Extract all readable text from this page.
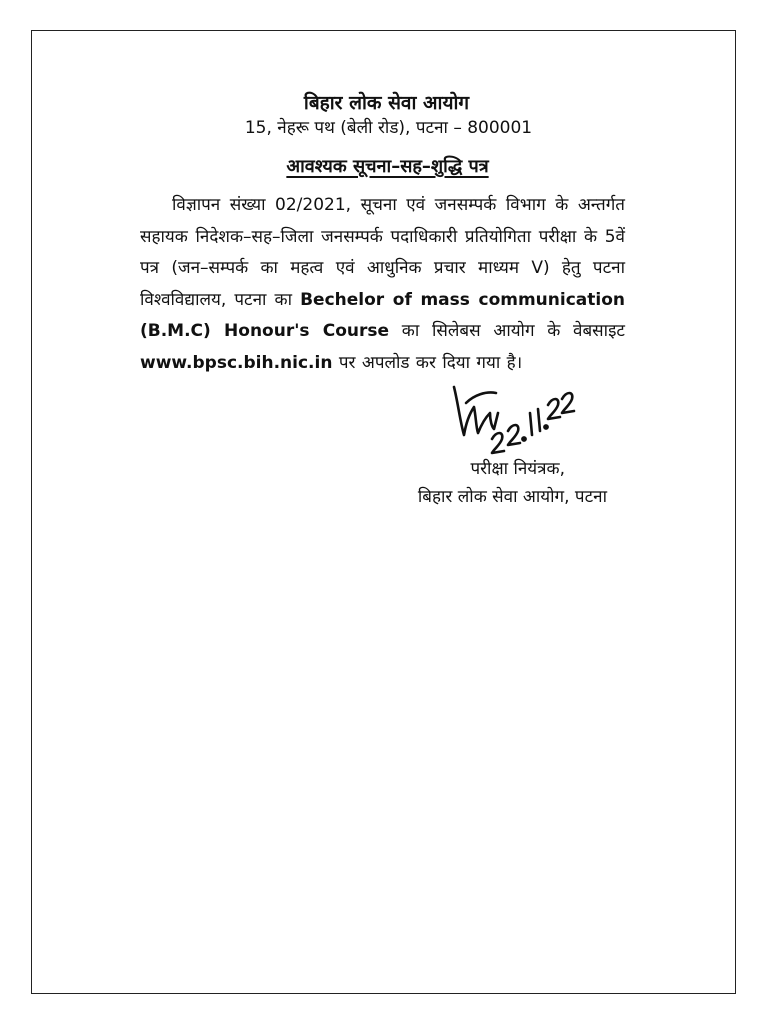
बिहार लोक सेवा आयोग

15, नेहरू पथ (बेली रोड), पटना – 800001

आवश्यक सूचना–सह–शुद्धि पत्र

विज्ञापन संख्या 02/2021, सूचना एवं जनसम्पर्क विभाग के अन्तर्गत सहायक निदेशक–सह–जिला जनसम्पर्क पदाधिकारी प्रतियोगिता परीक्षा के 5वें पत्र (जन–सम्पर्क का महत्व एवं आधुनिक प्रचार माध्यम V) हेतु पटना विश्वविद्यालय, पटना का Bechelor of mass communication (B.M.C) Honour's Course का सिलेबस आयोग के वेबसाइट www.bpsc.bih.nic.in पर अपलोड कर दिया गया है।

परीक्षा नियंत्रक,

बिहार लोक सेवा आयोग, पटना
